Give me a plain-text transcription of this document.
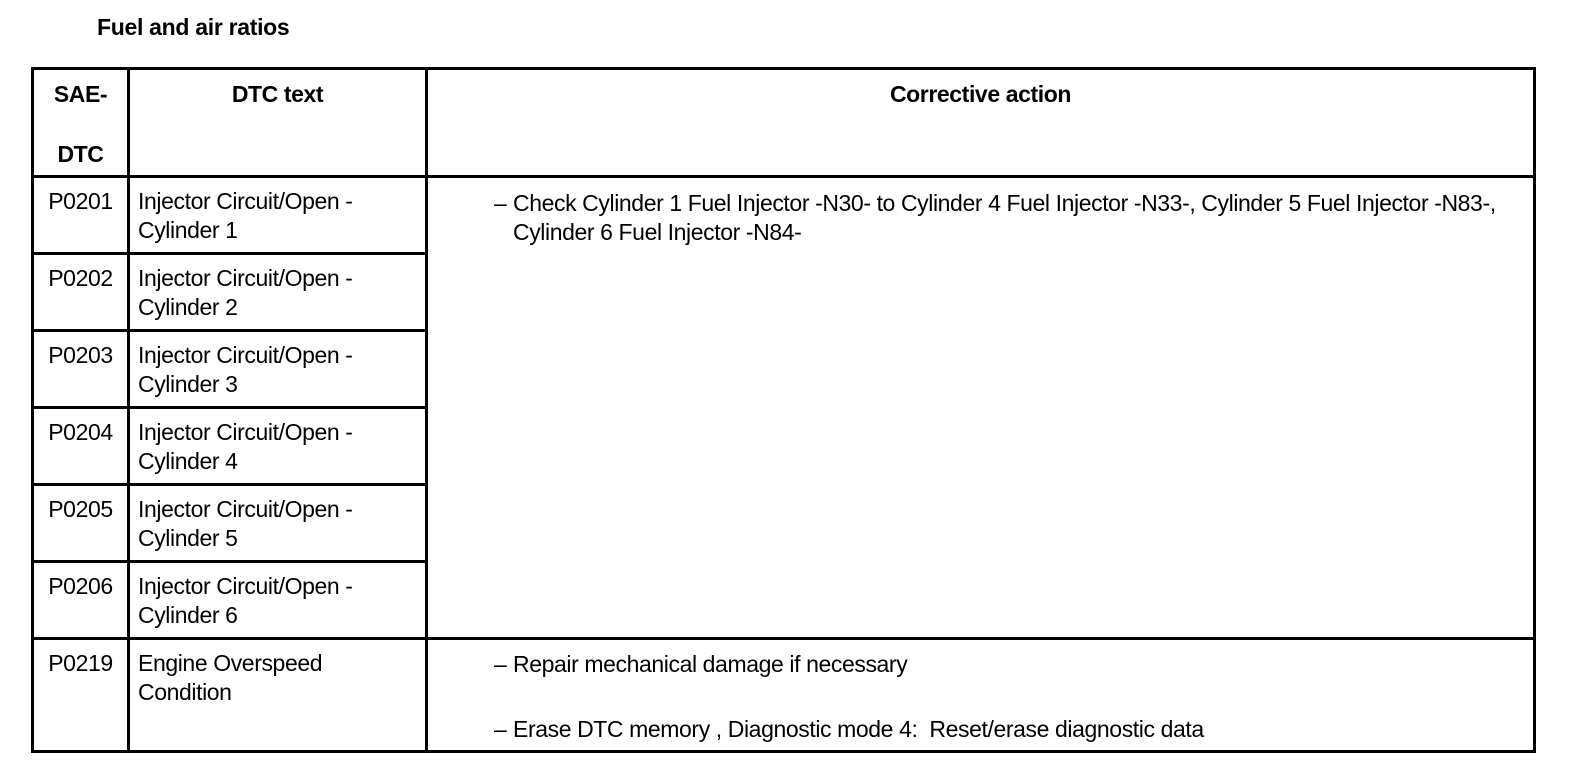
Fuel and air ratios
SAE-
DTC	DTC text	Corrective action
P0201	Injector Circuit/Open - Cylinder 1	– Check Cylinder 1 Fuel Injector -N30- to Cylinder 4 Fuel Injector -N33-, Cylinder 5 Fuel Injector -N83-, Cylinder 6 Fuel Injector -N84-

P0202	Injector Circuit/Open - Cylinder 2	
P0203	Injector Circuit/Open - Cylinder 3	
P0204	Injector Circuit/Open - Cylinder 4	
P0205	Injector Circuit/Open - Cylinder 5	
P0206	Injector Circuit/Open - Cylinder 6	
P0219	Engine Overspeed Condition	– Repair mechanical damage if necessary
– Erase DTC memory , Diagnostic mode 4:  Reset/erase diagnostic data
